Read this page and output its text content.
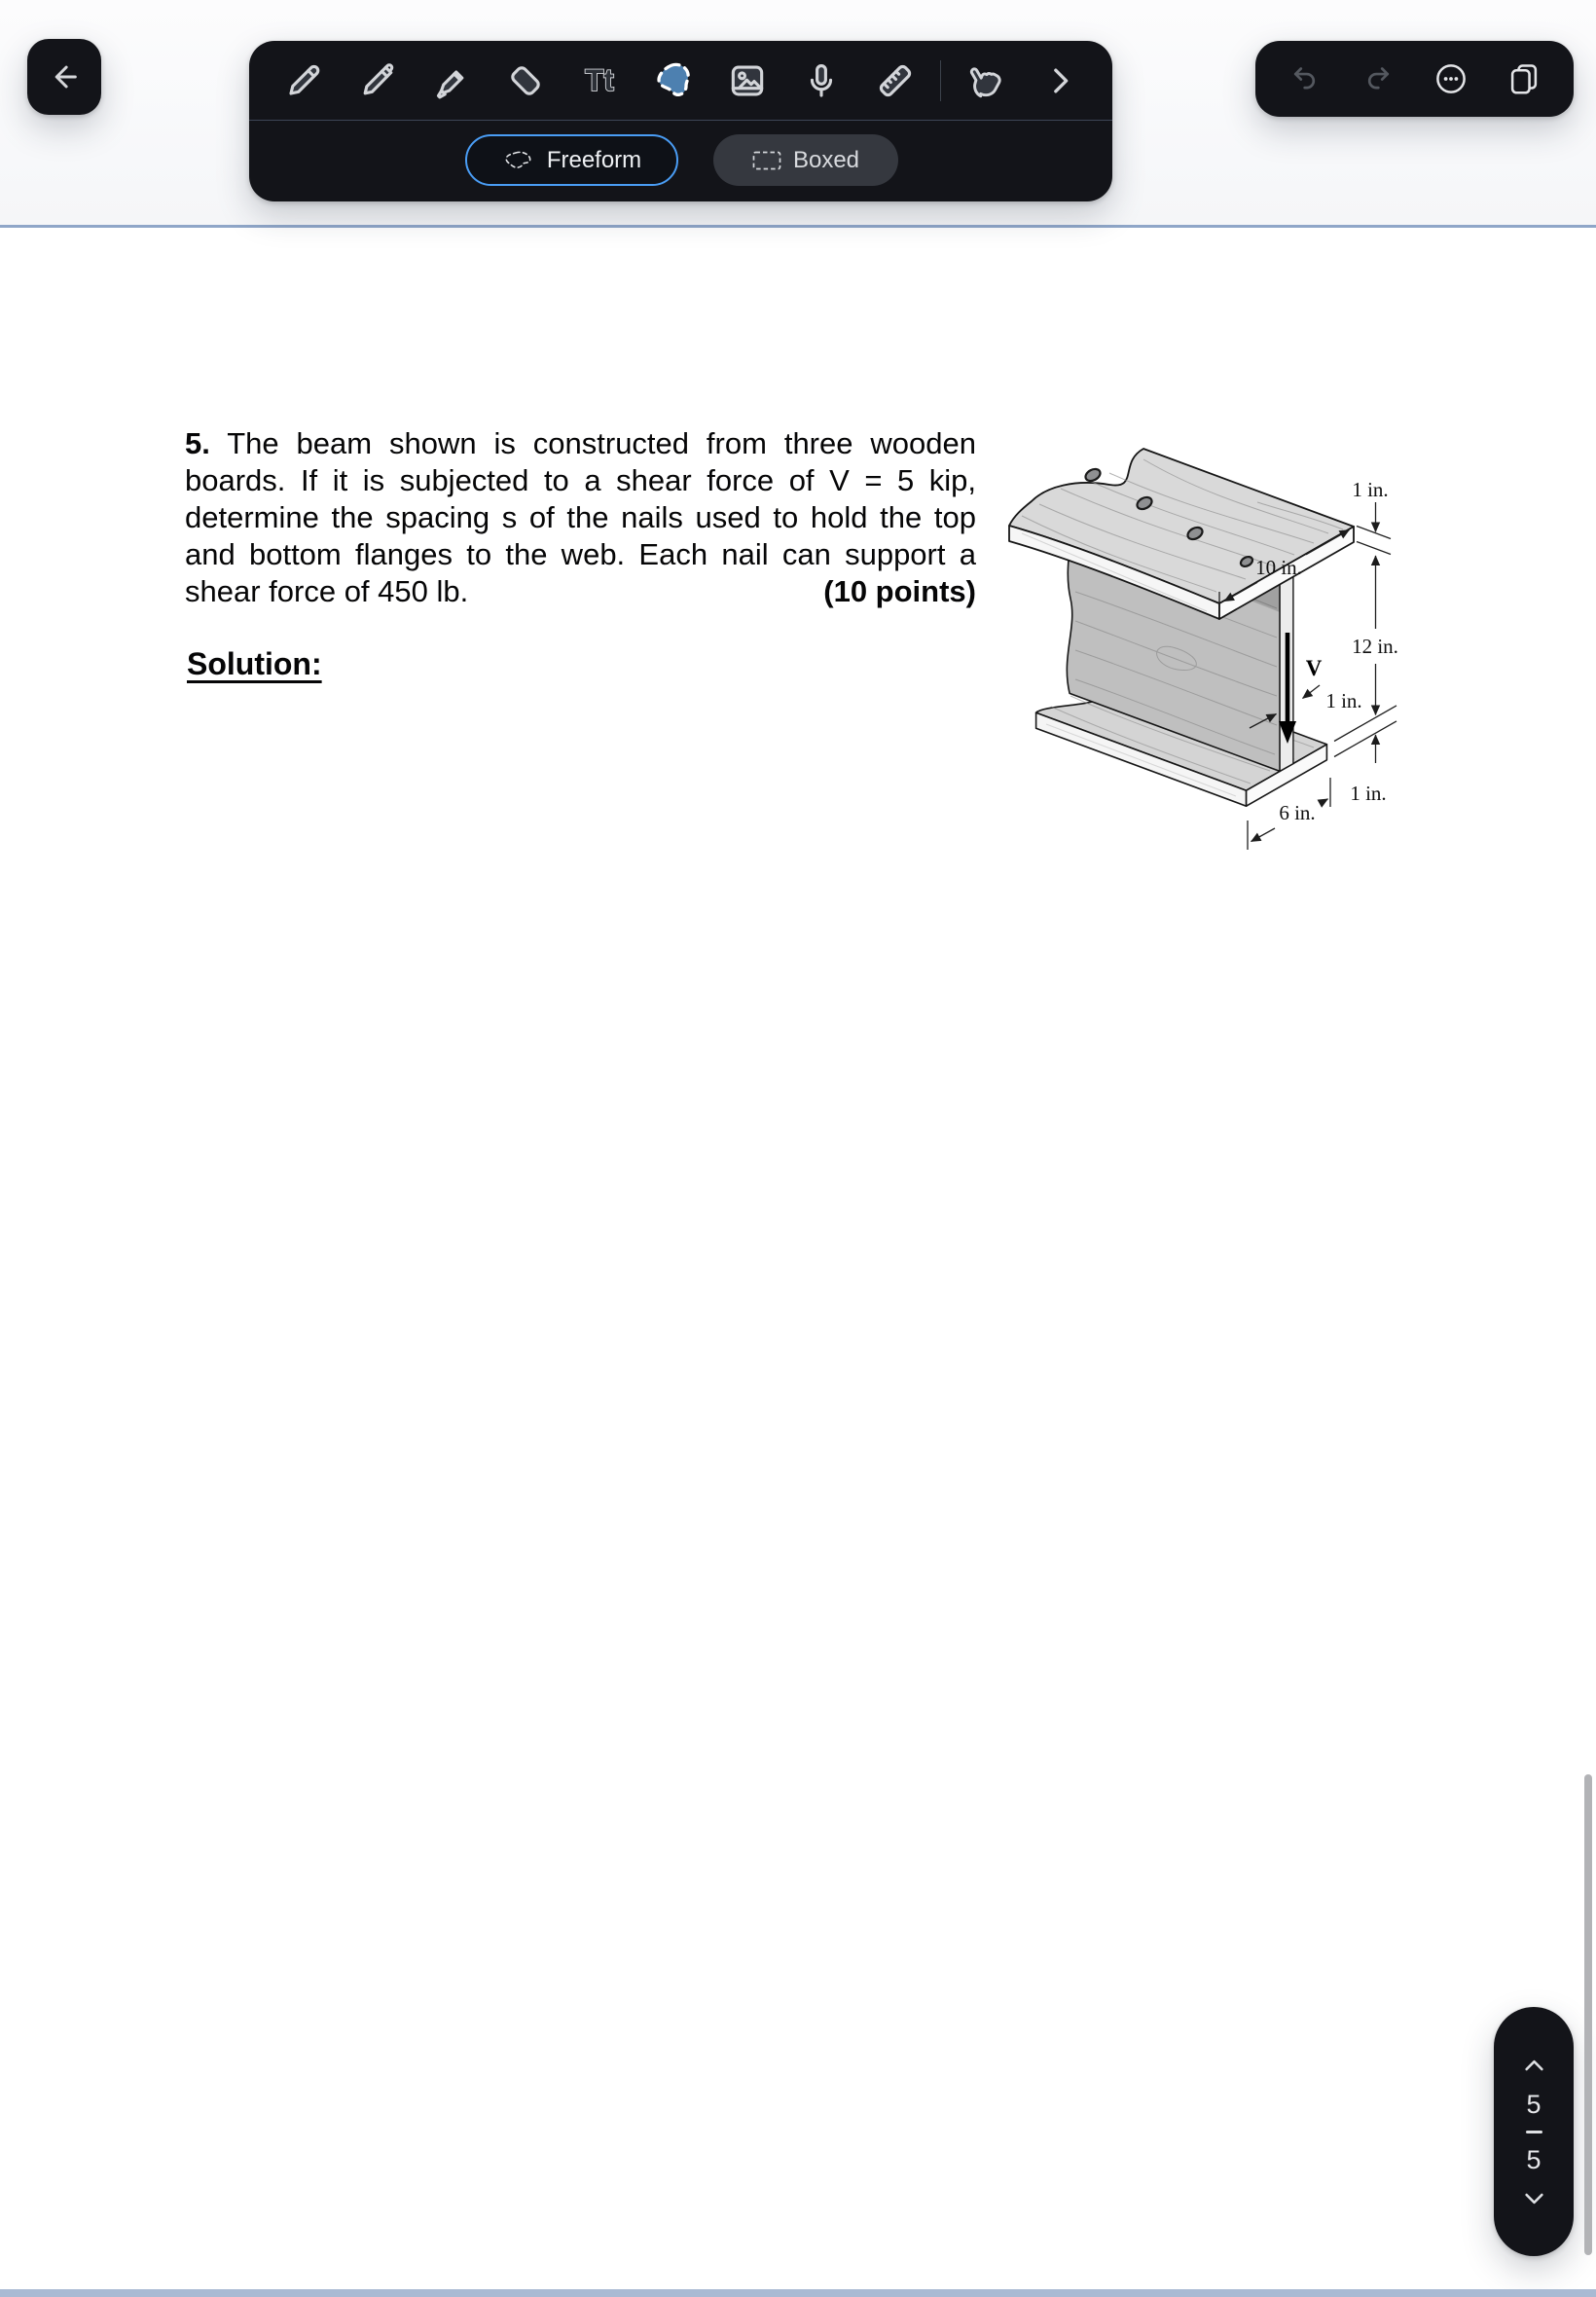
Tt
Freeform	Boxed
5. The beam shown is constructed from three wooden
boards. If it is subjected to a shear force of V = 5 kip,
determine the spacing s of the nails used to hold the top
and bottom flanges to the web. Each nail can support a
shear force of 450 lb.	(10 points)
Solution:	V
1 in.
10 in.
12 in.
1 in.
1 in.
6 in.
5
5
